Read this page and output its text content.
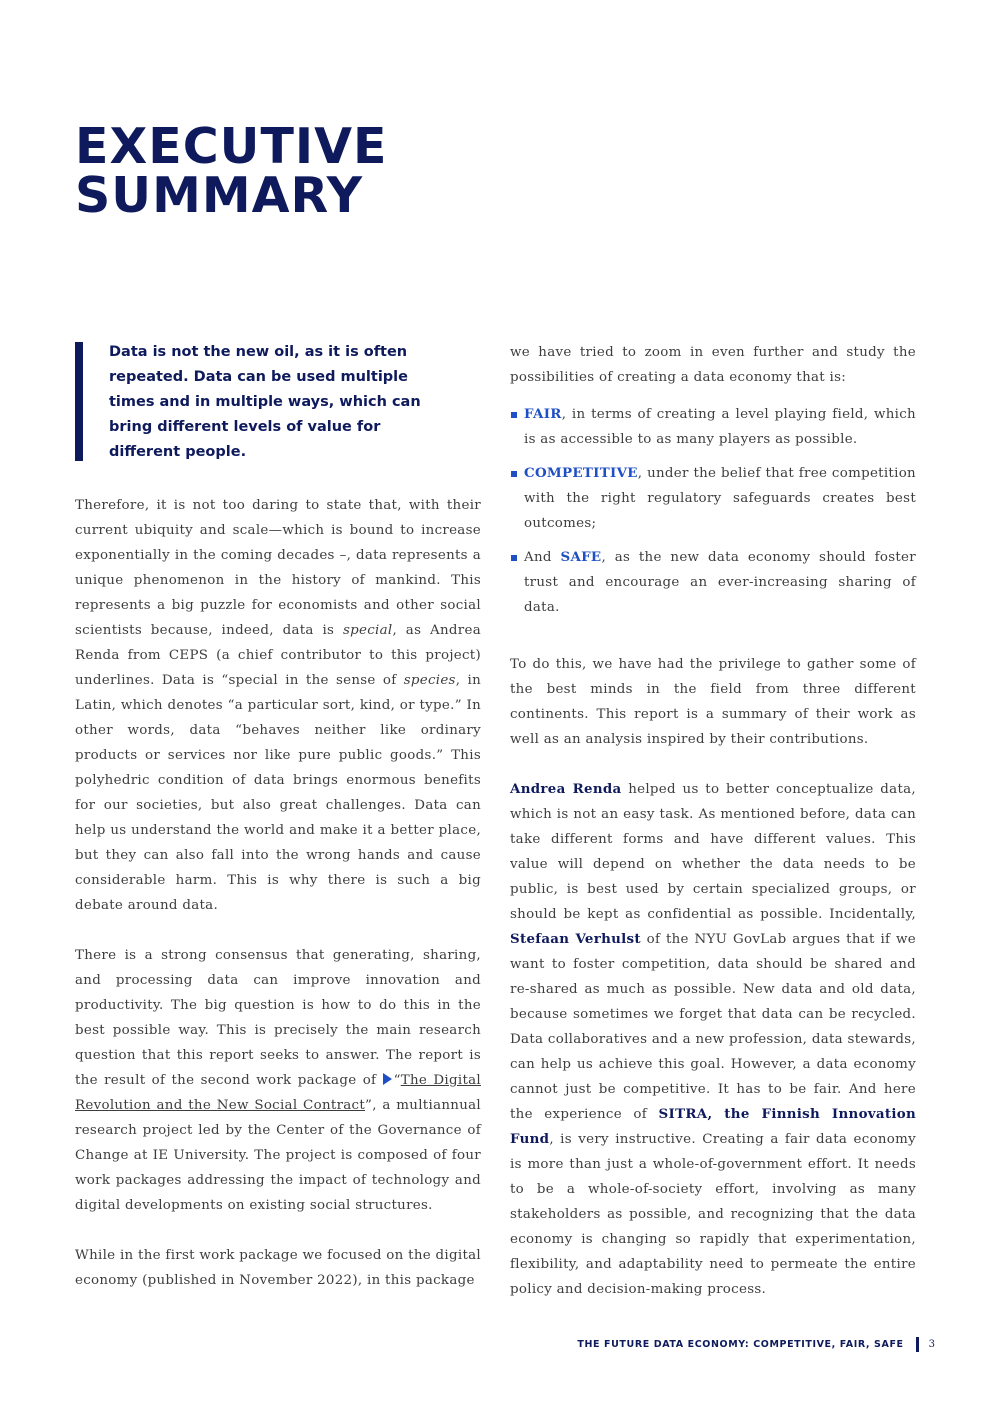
EXECUTIVE
SUMMARY
Data is not the new oil, as it is often repeated. Data can be used multiple times and in multiple ways, which can bring different levels of value for different people.

Therefore, it is not too daring to state that, with their current ubiquity and scale—which is bound to increase exponentially in the coming decades –, data represents a unique phenomenon in the history of mankind. This represents a big puzzle for economists and other social scientists because, indeed, data is special, as Andrea Renda from CEPS (a chief contributor to this project) underlines. Data is “special in the sense of species, in Latin, which denotes “a particular sort, kind, or type.” In other words, data “behaves neither like ordinary products or services nor like pure public goods.” This polyhedric condition of data brings enormous benefits for our societies, but also great challenges. Data can help us understand the world and make it a better place, but they can also fall into the wrong hands and cause considerable harm. This is why there is such a big debate around data.

There is a strong consensus that generating, sharing, and processing data can improve innovation and productivity. The big question is how to do this in the best possible way. This is precisely the main research question that this report seeks to answer. The report is the result of the second work package of “The Digital Revolution and the New Social Contract”, a multiannual research project led by the Center of the Governance of Change at IE University. The project is composed of four work packages addressing the impact of technology and digital developments on existing social structures.

While in the first work package we focused on the digital economy (published in November 2022), in this package

we have tried to zoom in even further and study the possibilities of creating a data economy that is:

FAIR, in terms of creating a level playing field, which is as accessible to as many players as possible.
COMPETITIVE, under the belief that free competition with the right regulatory safeguards creates best outcomes;
And SAFE, as the new data economy should foster trust and encourage an ever-increasing sharing of data.

To do this, we have had the privilege to gather some of the best minds in the field from three different continents. This report is a summary of their work as well as an analysis inspired by their contributions.

Andrea Renda helped us to better conceptualize data, which is not an easy task. As mentioned before, data can take different forms and have different values. This value will depend on whether the data needs to be public, is best used by certain specialized groups, or should be kept as confidential as possible. Incidentally, Stefaan Verhulst of the NYU GovLab argues that if we want to foster competition, data should be shared and re-shared as much as possible. New data and old data, because sometimes we forget that data can be recycled. Data collaboratives and a new profession, data stewards, can help us achieve this goal. However, a data economy cannot just be competitive. It has to be fair. And here the experience of SITRA, the Finnish Innovation Fund, is very instructive. Creating a fair data economy is more than just a whole-of-government effort. It needs to be a whole-of-society effort, involving as many stakeholders as possible, and recognizing that the data economy is changing so rapidly that experimentation, flexibility, and adaptability need to permeate the entire policy and decision-making process.

THE FUTURE DATA ECONOMY: COMPETITIVE, FAIR, SAFE	3
